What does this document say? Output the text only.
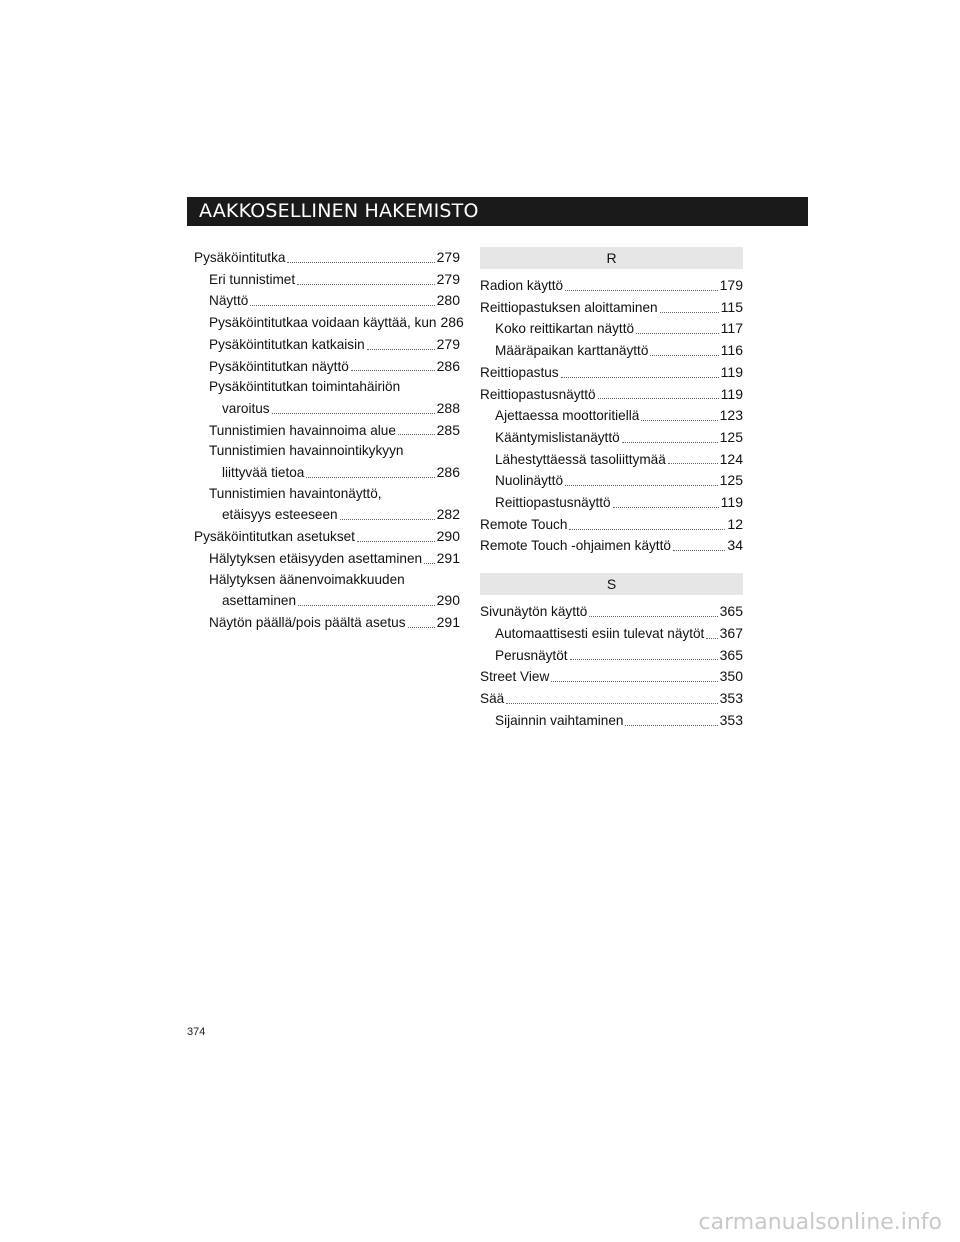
AAKKOSELLINEN HAKEMISTO
Pysäköintitutka	279
Eri tunnistimet	279
Näyttö	280
Pysäköintitutkaa voidaan käyttää, kun 286
Pysäköintitutkan katkaisin	279
Pysäköintitutkan näyttö	286
Pysäköintitutkan toimintahäiriön
varoitus	288
Tunnistimien havainnoima alue	285
Tunnistimien havainnointikykyyn
liittyvää tietoa	286
Tunnistimien havaintonäyttö,
etäisyys esteeseen	282
Pysäköintitutkan asetukset	290
Hälytyksen etäisyyden asettaminen 291
Hälytyksen äänenvoimakkuuden
asettaminen	290
Näytön päällä/pois päältä asetus 291
R
Radion käyttö	179
Reittiopastuksen aloittaminen	115
Koko reittikartan näyttö	117
Määräpaikan karttanäyttö	116
Reittiopastus	119
Reittiopastusnäyttö	119
Ajettaessa moottoritiellä	123
Kääntymislistanäyttö	125
Lähestyttäessä tasoliittymää	124
Nuolinäyttö	125
Reittiopastusnäyttö	119
Remote Touch	12
Remote Touch -ohjaimen käyttö	34
S
Sivunäytön käyttö	365
Automaattisesti esiin tulevat näytöt 367
Perusnäytöt	365
Street View	350
Sää	353
Sijainnin vaihtaminen	353
374
carmanualsonline.info
